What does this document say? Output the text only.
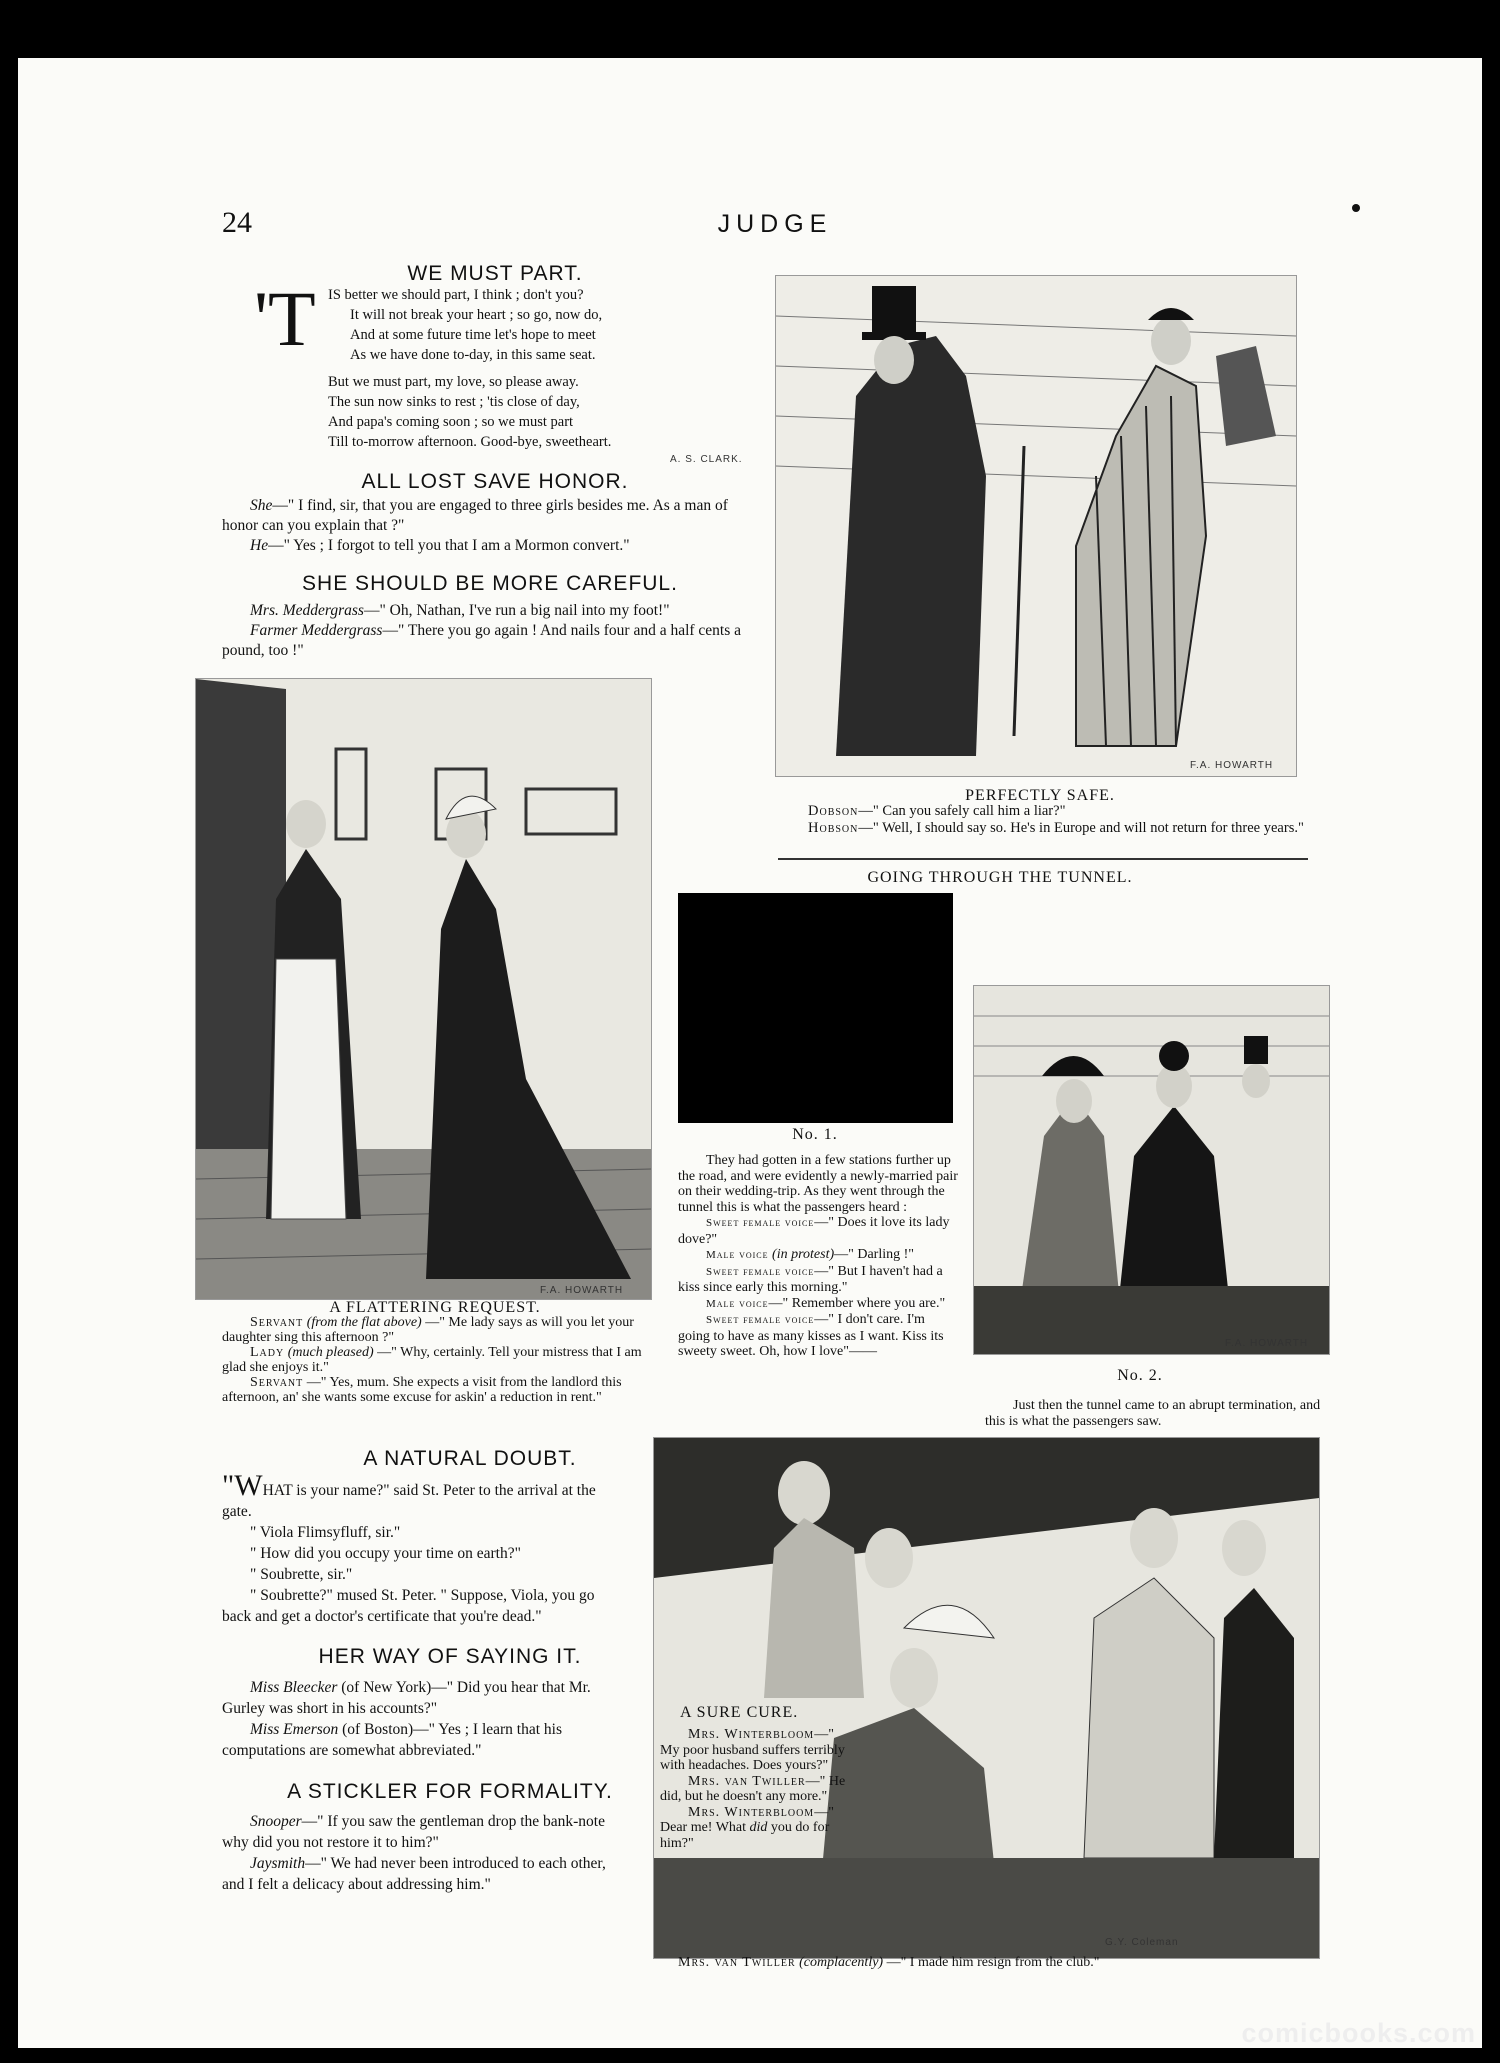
24	JUDGE
WE MUST PART.
'T IS better we should part, I think ; don't you?
It will not break your heart ; so go, now do,
And at some future time let's hope to meet
As we have done to-day, in this same seat.
But we must part, my love, so please away.
The sun now sinks to rest ; 'tis close of day,
And papa's coming soon ; so we must part
Till to-morrow afternoon. Good-bye, sweetheart.
A. S. CLARK.
ALL LOST SAVE HONOR.

She—" I find, sir, that you are engaged to three girls besides me. As a man of honor can you explain that ?"

He—" Yes ; I forgot to tell you that I am a Mormon convert."

SHE SHOULD BE MORE CAREFUL.

Mrs. Meddergrass—" Oh, Nathan, I've run a big nail into my foot!"

Farmer Meddergrass—" There you go again ! And nails four and a half cents a pound, too !"

F.A. HOWARTH
PERFECTLY SAFE.

Dobson—" Can you safely call him a liar?"

Hobson—" Well, I should say so. He's in Europe and will not return for three years."

F.A. HOWARTH
A FLATTERING REQUEST.

Servant (from the flat above) —" Me lady says as will you let your daughter sing this afternoon ?"

Lady (much pleased) —" Why, certainly. Tell your mistress that I am glad she enjoys it."

Servant —" Yes, mum. She expects a visit from the landlord this afternoon, an' she wants some excuse for askin' a reduction in rent."

GOING THROUGH THE TUNNEL.
No. 1.

They had gotten in a few stations further up the road, and were evidently a newly-married pair on their wedding-trip. As they went through the tunnel this is what the passengers heard :

Sweet female voice—" Does it love its lady dove?"

Male voice (in protest)—" Darling !"

Sweet female voice—" But I haven't had a kiss since early this morning."

Male voice—" Remember where you are."

Sweet female voice—" I don't care. I'm going to have as many kisses as I want. Kiss its sweety sweet. Oh, how I love"——

F.A. HOWARTH
No. 2.

Just then the tunnel came to an abrupt termination, and this is what the passengers saw.

A NATURAL DOUBT.

"WHAT is your name?" said St. Peter to the arrival at the gate.

" Viola Flimsyfluff, sir."

" How did you occupy your time on earth?"

" Soubrette, sir."

" Soubrette?" mused St. Peter. " Suppose, Viola, you go back and get a doctor's certificate that you're dead."

HER WAY OF SAYING IT.

Miss Bleecker (of New York)—" Did you hear that Mr. Gurley was short in his accounts?"

Miss Emerson (of Boston)—" Yes ; I learn that his computations are somewhat abbreviated."

A STICKLER FOR FORMALITY.

Snooper—" If you saw the gentleman drop the bank-note why did you not restore it to him?"

Jaysmith—" We had never been introduced to each other, and I felt a delicacy about addressing him."

A SURE CURE.

Mrs. Winterbloom—" My poor husband suffers terribly with headaches. Does yours?"

Mrs. van Twiller—" He did, but he doesn't any more."

Mrs. Winterbloom—" Dear me! What did you do for him?"

G.Y. Coleman

Mrs. van Twiller (complacently) —" I made him resign from the club."

comicbooks.com
